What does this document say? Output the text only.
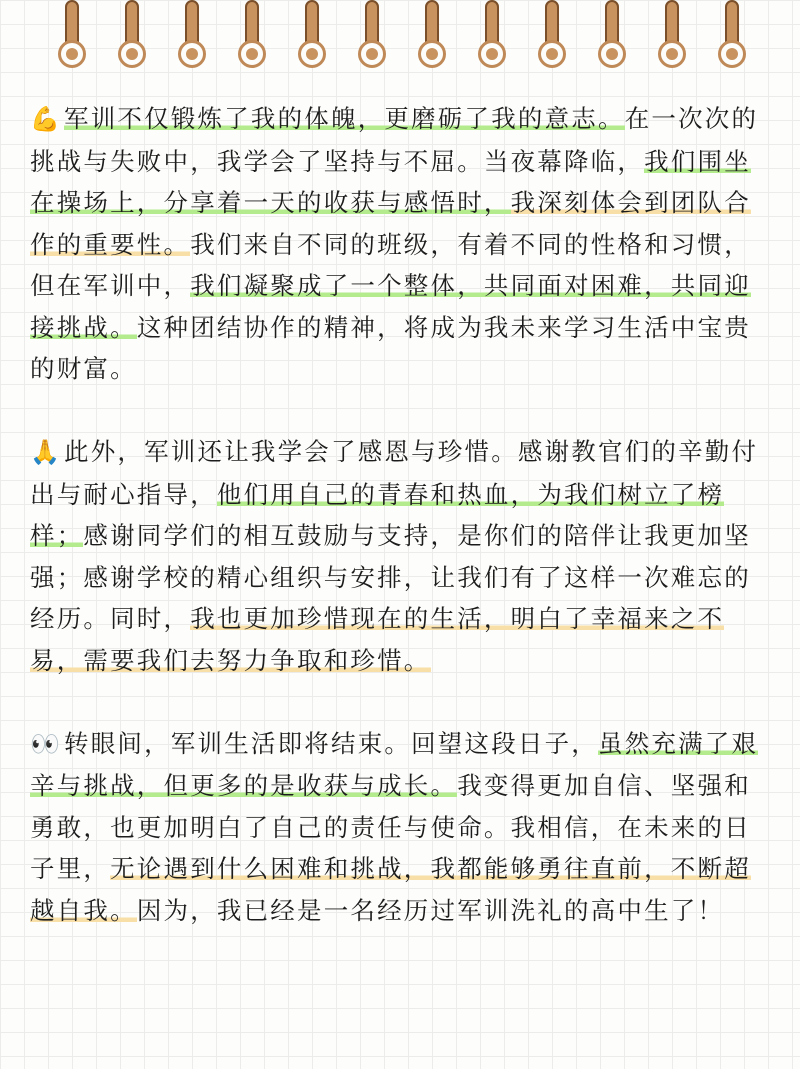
💪军训不仅锻炼了我的体魄，更磨砺了我的意志。在一次次的挑战与失败中，我学会了坚持与不屈。当夜幕降临，我们围坐在操场上，分享着一天的收获与感悟时，我深刻体会到团队合作的重要性。我们来自不同的班级，有着不同的性格和习惯，但在军训中，我们凝聚成了一个整体，共同面对困难，共同迎接挑战。这种团结协作的精神，将成为我未来学习生活中宝贵的财富。

🙏此外，军训还让我学会了感恩与珍惜。感谢教官们的辛勤付出与耐心指导，他们用自己的青春和热血，为我们树立了榜样；感谢同学们的相互鼓励与支持，是你们的陪伴让我更加坚强；感谢学校的精心组织与安排，让我们有了这样一次难忘的经历。同时，我也更加珍惜现在的生活，明白了幸福来之不易，需要我们去努力争取和珍惜。

👀转眼间，军训生活即将结束。回望这段日子，虽然充满了艰辛与挑战，但更多的是收获与成长。我变得更加自信、坚强和勇敢，也更加明白了自己的责任与使命。我相信，在未来的日子里，无论遇到什么困难和挑战，我都能够勇往直前，不断超越自我。因为，我已经是一名经历过军训洗礼的高中生了！
